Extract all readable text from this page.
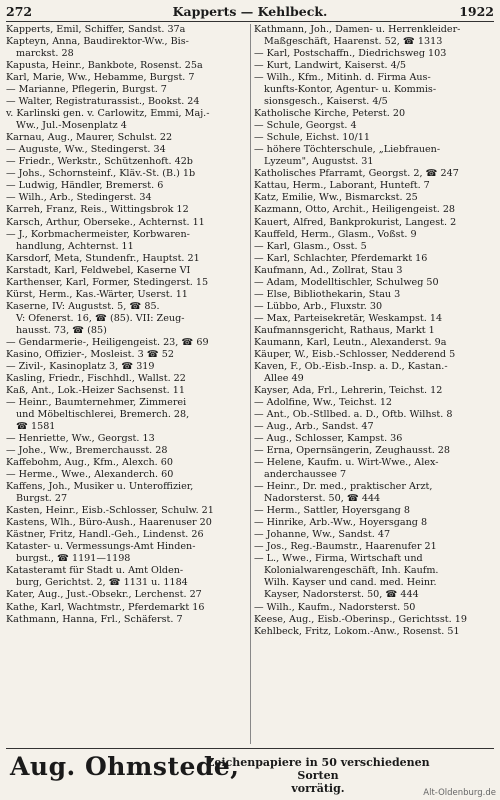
272	Kapperts — Kehlbeck.	1922
Kapperts, Emil, Schiffer, Sandst. 37a
Kapteyn, Anna, Baudirektor-Ww., Bis-
marckst. 28
Kapusta, Heinr., Bankbote, Rosenst. 25a
Karl, Marie, Ww., Hebamme, Burgst. 7
— Marianne, Pflegerin, Burgst. 7
— Walter, Registraturassist., Bookst. 24
v. Karlinski gen. v. Carlowitz, Emmi, Maj.-
Ww., Jul.-Mosenplatz 4
Karnau, Aug., Maurer, Schulst. 22
— Auguste, Ww., Stedingerst. 34
— Friedr., Werkstr., Schützenhoft. 42b
— Johs., Schornsteinf., Kläv.-St. (B.) 1b
— Ludwig, Händler, Bremerst. 6
— Wilh., Arb., Stedingerst. 34
Karreh, Franz, Reis., Wittingsbrok 12
Karsch, Arthur, Oberseke., Achternst. 11
— J., Korbmachermeister, Korbwaren-
handlung, Achternst. 11
Karsdorf, Meta, Stundenfr., Hauptst. 21
Karstadt, Karl, Feldwebel, Kaserne VI
Karthenser, Karl, Former, Stedingerst. 15
Kürst, Herm., Kas.-Wärter, Userst. 11
Kaserne, IV: Augustst. 5, ☎ 85.
V: Ofenerst. 16, ☎ (85). VII: Zeug-
hausst. 73, ☎ (85)
— Gendarmerie-, Heiligengeist. 23, ☎ 69
Kasino, Offizier-, Mosleist. 3 ☎ 52
— Zivil-, Kasinoplatz 3, ☎ 319
Kasling, Friedr., Fischhdl., Wallst. 22
Kaß, Ant., Lok.-Heizer Sachsenst. 11
— Heinr., Baumternehmer, Zimmerei
und Möbeltischlerei, Bremerch. 28,
☎ 1581
— Henriette, Ww., Georgst. 13
— Johe., Ww., Bremerchausst. 28
Kaffebohm, Aug., Kfm., Alexch. 60
— Herme., Wwe., Alexanderch. 60
Kaffens, Joh., Musiker u. Unteroffizier,
Burgst. 27
Kasten, Heinr., Eisb.-Schlosser, Schulw. 21
Kastens, Wlh., Büro-Aush., Haarenuser 20
Kästner, Fritz, Handl.-Geh., Lindenst. 26
Kataster- u. Vermessungs-Amt Hinden-
burgst., ☎ 1191—1198
Katasteramt für Stadt u. Amt Olden-
burg, Gerichtst. 2, ☎ 1131 u. 1184
Kater, Aug., Just.-Obsekr., Lerchenst. 27
Kathe, Karl, Wachtmstr., Pferdemarkt 16
Kathmann, Hanna, Frl., Schäferst. 7
Kathmann, Joh., Damen- u. Herrenkleider-
Maßgeschäft, Haarenst. 52, ☎ 1313
— Karl, Postschaffn., Diedrichsweg 103
— Kurt, Landwirt, Kaiserst. 4/5
— Wilh., Kfm., Mitinh. d. Firma Aus-
kunfts-Kontor, Agentur- u. Kommis-
sionsgesch., Kaiserst. 4/5
Katholische Kirche, Peterst. 20
— Schule, Georgst. 4
— Schule, Eichst. 10/11
— höhere Töchterschule, „Liebfrauen-
Lyzeum", Augustst. 31
Katholisches Pfarramt, Georgst. 2, ☎ 247
Kattau, Herm., Laborant, Hunteft. 7
Katz, Emilie, Ww., Bismarckst. 25
Kazmann, Otto, Archit., Heiligengeist. 28
Kauert, Alfred, Bankprokurist, Langest. 2
Kauffeld, Herm., Glasm., Voßst. 9
— Karl, Glasm., Osst. 5
— Karl, Schlachter, Pferdemarkt 16
Kaufmann, Ad., Zollrat, Stau 3
— Adam, Modelltischler, Schulweg 50
— Else, Bibliothekarin, Stau 3
— Lübbo, Arb., Fluxstr. 30
— Max, Parteisekretär, Weskampst. 14
Kaufmannsgericht, Rathaus, Markt 1
Kaumann, Karl, Leutn., Alexanderst. 9a
Käuper, W., Eisb.-Schlosser, Nedderend 5
Kaven, F., Ob.-Eisb.-Insp. a. D., Kastan.-
Allee 49
Kayser, Ada, Frl., Lehrerin, Teichst. 12
— Adolfine, Ww., Teichst. 12
— Ant., Ob.-Stllbed. a. D., Oftb. Wilhst. 8
— Aug., Arb., Sandst. 47
— Aug., Schlosser, Kampst. 36
— Erna, Opernsängerin, Zeughausst. 28
— Helene, Kaufm. u. Wirt-Wwe., Alex-
anderchaussee 7
— Heinr., Dr. med., praktischer Arzt,
Nadorsterst. 50, ☎ 444
— Herm., Sattler, Hoyersgang 8
— Hinrike, Arb.-Ww., Hoyersgang 8
— Johanne, Ww., Sandst. 47
— Jos., Reg.-Baumstr., Haarenufer 21
— L., Wwe., Firma, Wirtschaft und
Kolonialwarengeschäft, Inh. Kaufm.
Wilh. Kayser und cand. med. Heinr.
Kayser, Nadorsterst. 50, ☎ 444
— Wilh., Kaufm., Nadorsterst. 50
Keese, Aug., Eisb.-Oberinsp., Gerichtsst. 19
Kehlbeck, Fritz, Lokom.-Anw., Rosenst. 51
Aug. Ohmstede,
Zeichenpapiere in 50 verschiedenen Sorten
vorrätig.	Alt-Oldenburg.de
